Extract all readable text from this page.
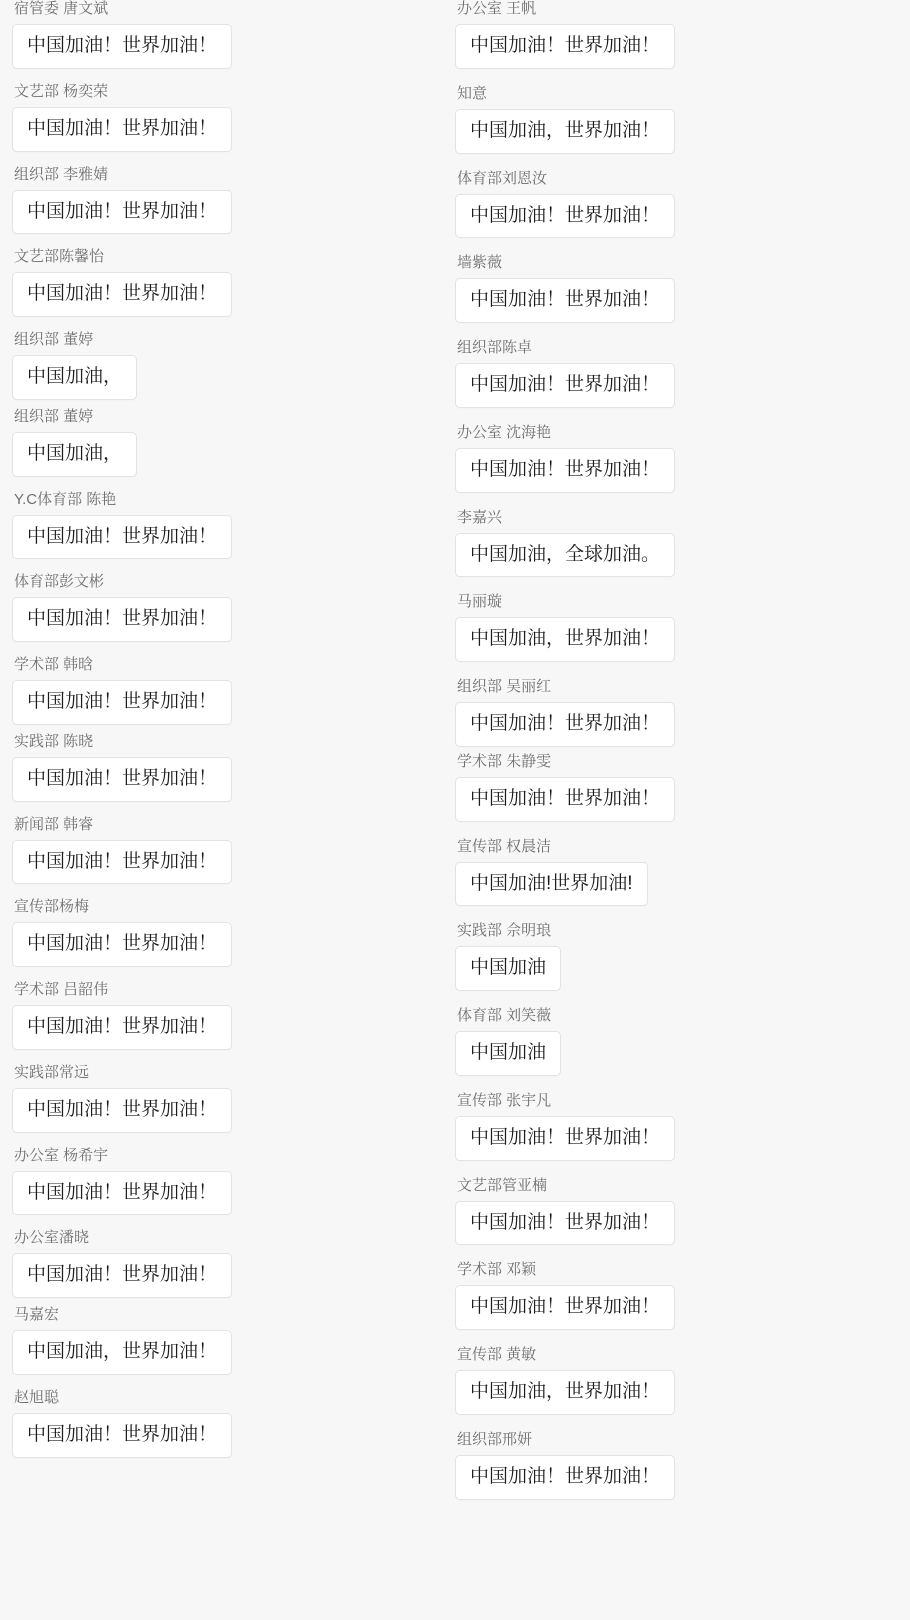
宿管委 唐文斌
中国加油！世界加油！
文艺部 杨奕荣
中国加油！世界加油！
组织部 李雅婧
中国加油！世界加油！
文艺部陈馨怡
中国加油！世界加油！
组织部 董婷
中国加油，
组织部 董婷
中国加油，
Y.C体育部 陈艳
中国加油！世界加油！
体育部彭文彬
中国加油！世界加油！
学术部 韩晗
中国加油！世界加油！
实践部 陈晓
中国加油！世界加油！
新闻部 韩睿
中国加油！世界加油！
宣传部杨梅
中国加油！世界加油！
学术部 吕韶伟
中国加油！世界加油！
实践部常远
中国加油！世界加油！
办公室 杨希宇
中国加油！世界加油！
办公室潘晓
中国加油！世界加油！
马嘉宏
中国加油，世界加油！
赵旭聪
中国加油！世界加油！
办公室 王帆
中国加油！世界加油！
知意
中国加油，世界加油！
体育部刘恩汝
中国加油！世界加油！
墙紫薇
中国加油！世界加油！
组织部陈卓
中国加油！世界加油！
办公室 沈海艳
中国加油！世界加油！
李嘉兴
中国加油，全球加油。
马丽璇
中国加油，世界加油！
组织部 吴丽红
中国加油！世界加油！
学术部 朱静雯
中国加油！世界加油！
宣传部 权晨洁
中国加油!世界加油!
实践部 佘明琅
中国加油
体育部 刘笑薇
中国加油
宣传部 张宇凡
中国加油！世界加油！
文艺部管亚楠
中国加油！世界加油！
学术部 邓颖
中国加油！世界加油！
宣传部 黄敏
中国加油，世界加油！
组织部邢妍
中国加油！世界加油！
